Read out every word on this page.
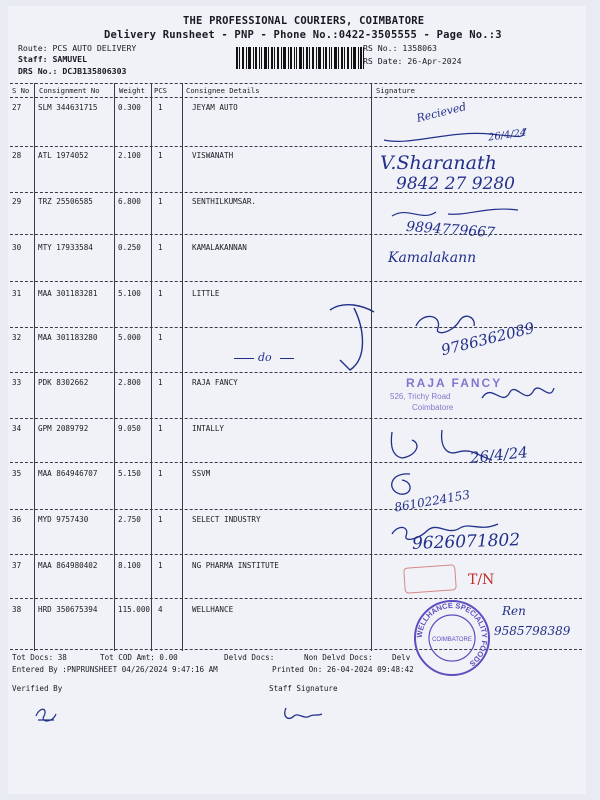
THE PROFESSIONAL COURIERS, COIMBATORE
Delivery Runsheet - PNP - Phone No.:0422-3505555 - Page No.:3
Route: PCS AUTO DELIVERY
Staff: SAMUVEL
DRS No.: DCJB135806303
RS No.: 1358063
RS Date: 26-Apr-2024
S No Consignment No	Weight PCS	Consignee Details	Signature
27 SLM 344631715	0.300 1	JEYAM AUTO
28 ATL 1974052	2.100 1	VISWANATH
29 TRZ 25506585	6.800 1	SENTHILKUMSAR.
30 MTY 17933584	0.250 1	KAMALAKANNAN
31 MAA 301183281	5.100 1	LITTLE
32 MAA 301183280	5.000 1
33 PDK 8302662	2.800 1	RAJA FANCY
34 GPM 2089792	9.050 1	INTALLY
35 MAA 864946707	5.150 1	SSVM
36 MYD 9757430	2.750 1	SELECT INDUSTRY
37 MAA 864980402	8.100 1	NG PHARMA INSTITUTE
38 HRD 350675394	115.000 4	WELLHANCE
Recieved
26/4/24
V.Sharanath
9842 27 9280
9894779667
Kamalakann
9786362089
do
RAJA FANCY
526, Trichy Road
Coimbatore
26/4/24
8610224153
9626071802
T/N
WELLHANCE SPECIALITY FOODS
COIMBATORE
Ren
9585798389
Tot Docs: 38	Tot COD Amt: 0.00	Delvd Docs:	Non Delvd Docs:	Delv
Entered By :PNPRUNSHEET 04/26/2024 9:47:16 AM	Printed On: 26-04-2024 09:48:42
Verified By	Staff Signature
